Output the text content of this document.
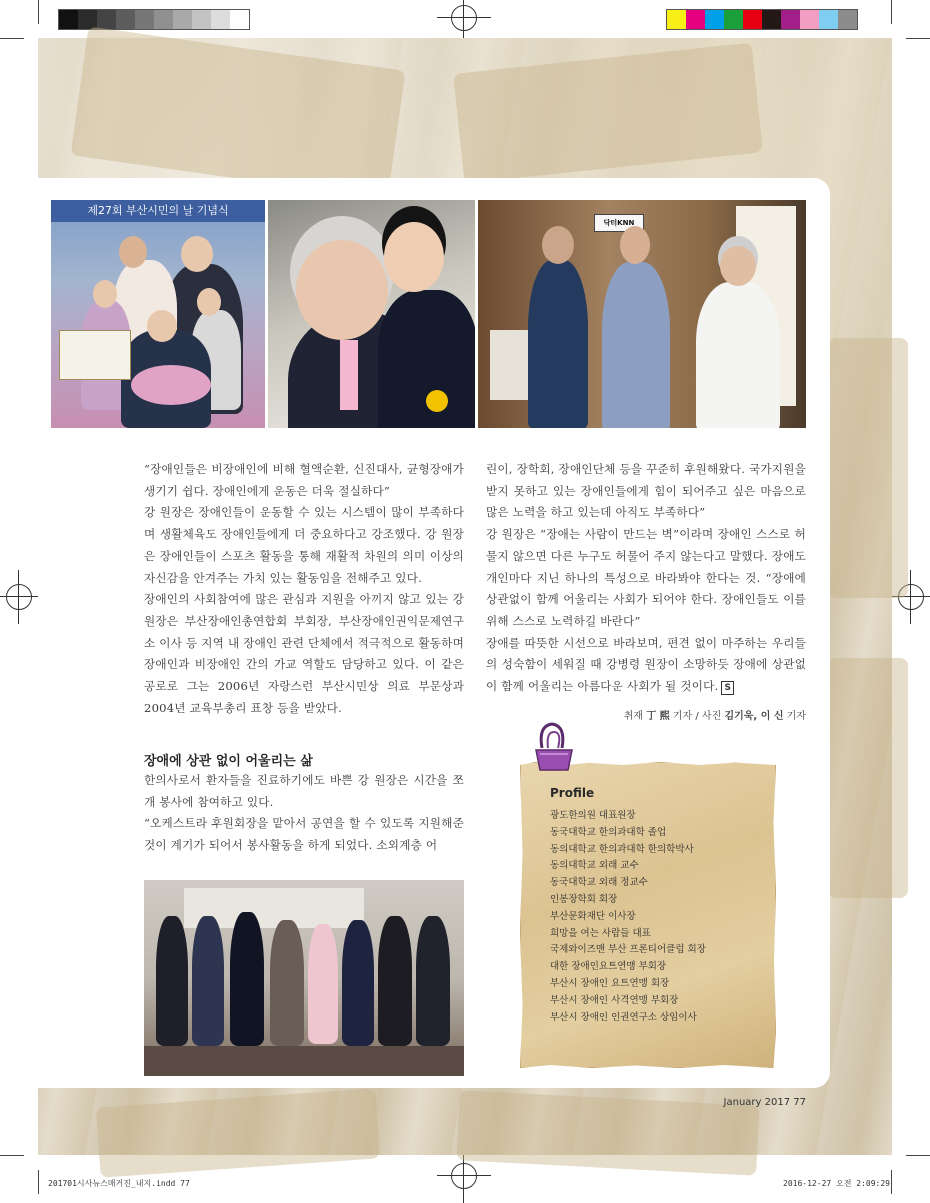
제27회 부산시민의 날 기념식
닥터KNN

“장애인들은 비장애인에 비해 혈액순환, 신진대사, 균형장애가 생기기 쉽다. 장애인에게 운동은 더욱 절실하다”

강 원장은 장애인들이 운동할 수 있는 시스템이 많이 부족하다며 생활체육도 장애인들에게 더 중요하다고 강조했다. 강 원장은 장애인들이 스포츠 활동을 통해 재활적 차원의 의미 이상의 자신감을 안겨주는 가치 있는 활동임을 전해주고 있다.

장애인의 사회참여에 많은 관심과 지원을 아끼지 않고 있는 강 원장은 부산장애인총연합회 부회장, 부산장애인권익문제연구소 이사 등 지역 내 장애인 관련 단체에서 적극적으로 활동하며 장애인과 비장애인 간의 가교 역할도 담당하고 있다. 이 같은 공로로 그는 2006년 자랑스런 부산시민상 의료 부문상과 2004년 교육부총리 표창 등을 받았다.

장애에 상관 없이 어울리는 삶

한의사로서 환자들을 진료하기에도 바쁜 강 원장은 시간을 쪼개 봉사에 참여하고 있다.

“오케스트라 후원회장을 맡아서 공연을 할 수 있도록 지원해준 것이 계기가 되어서 봉사활동을 하게 되었다. 소외계층 어

린이, 장학회, 장애인단체 등을 꾸준히 후원해왔다. 국가지원을 받지 못하고 있는 장애인들에게 힘이 되어주고 싶은 마음으로 많은 노력을 하고 있는데 아직도 부족하다”

강 원장은 “장애는 사람이 만드는 벽”이라며 장애인 스스로 허물지 않으면 다른 누구도 허물어 주지 않는다고 말했다. 장애도 개인마다 지닌 하나의 특성으로 바라봐야 한다는 것. “장애에 상관없이 함께 어울리는 사회가 되어야 한다. 장애인들도 이를 위해 스스로 노력하길 바란다”

장애를 따뜻한 시선으로 바라보며, 편견 없이 마주하는 우리들의 성숙함이 세워질 때 강병령 원장이 소망하듯 장애에 상관없이 함께 어울리는 아름다운 사회가 될 것이다. S

취재 丁 熙 기자 / 사진 김기욱, 이 신 기자
Profile
광도한의원 대표원장
동국대학교 한의과대학 졸업
동의대학교 한의과대학 한의학박사
동의대학교 외래 교수
동국대학교 외래 정교수
인봉장학회 회장
부산문화재단 이사장
희망을 여는 사람들 대표
국제와이즈맨 부산 프론티어클럽 회장
대한 장애인요트연맹 부회장
부산시 장애인 요트연맹 회장
부산시 장애인 사격연맹 부회장
부산시 장애인 인권연구소 상임이사
January 2017 77
201701시사뉴스매거진_내지.indd 77	2016-12-27 오전 2:09:29
